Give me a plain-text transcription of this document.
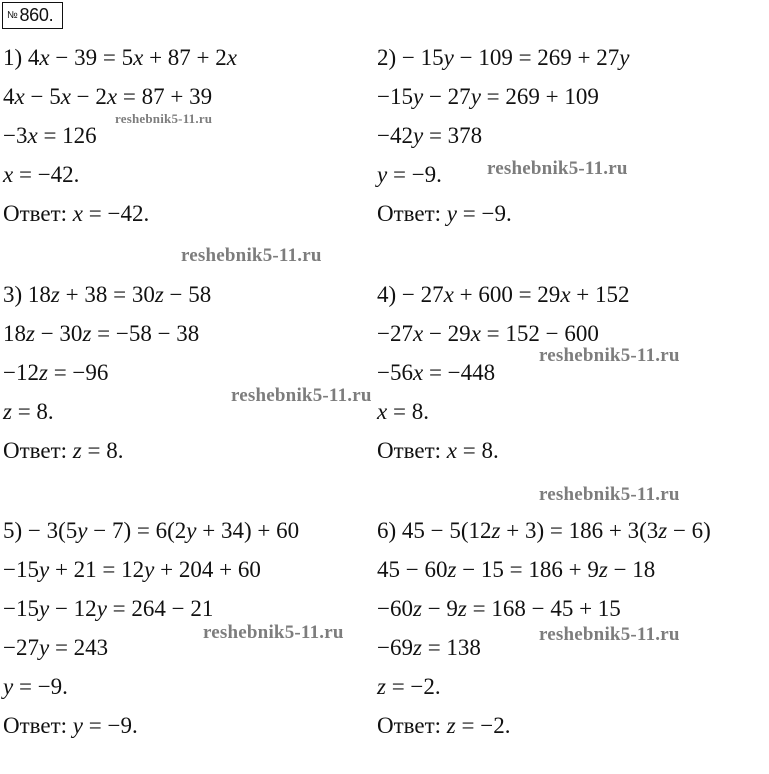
№ 860.
1) 4x − 39 = 5x + 87 + 2x
4x − 5x − 2x = 87 + 39
−3x = 126
x = −42.
Ответ: x = −42.
2) − 15y − 109 = 269 + 27y
−15y − 27y = 269 + 109
−42y = 378
y = −9.
Ответ: y = −9.
3) 18z + 38 = 30z − 58
18z − 30z = −58 − 38
−12z = −96
z = 8.
Ответ: z = 8.
4) − 27x + 600 = 29x + 152
−27x − 29x = 152 − 600
−56x = −448
x = 8.
Ответ: x = 8.
5) − 3(5y − 7) = 6(2y + 34) + 60
−15y + 21 = 12y + 204 + 60
−15y − 12y = 264 − 21
−27y = 243
y = −9.
Ответ: y = −9.
6) 45 − 5(12z + 3) = 186 + 3(3z − 6)
45 − 60z − 15 = 186 + 9z − 18
−60z − 9z = 168 − 45 + 15
−69z = 138
z = −2.
Ответ: z = −2.
reshebnik5-11.ru
reshebnik5-11.ru
reshebnik5-11.ru
reshebnik5-11.ru
reshebnik5-11.ru
reshebnik5-11.ru
reshebnik5-11.ru	reshebnik5-11.ru
